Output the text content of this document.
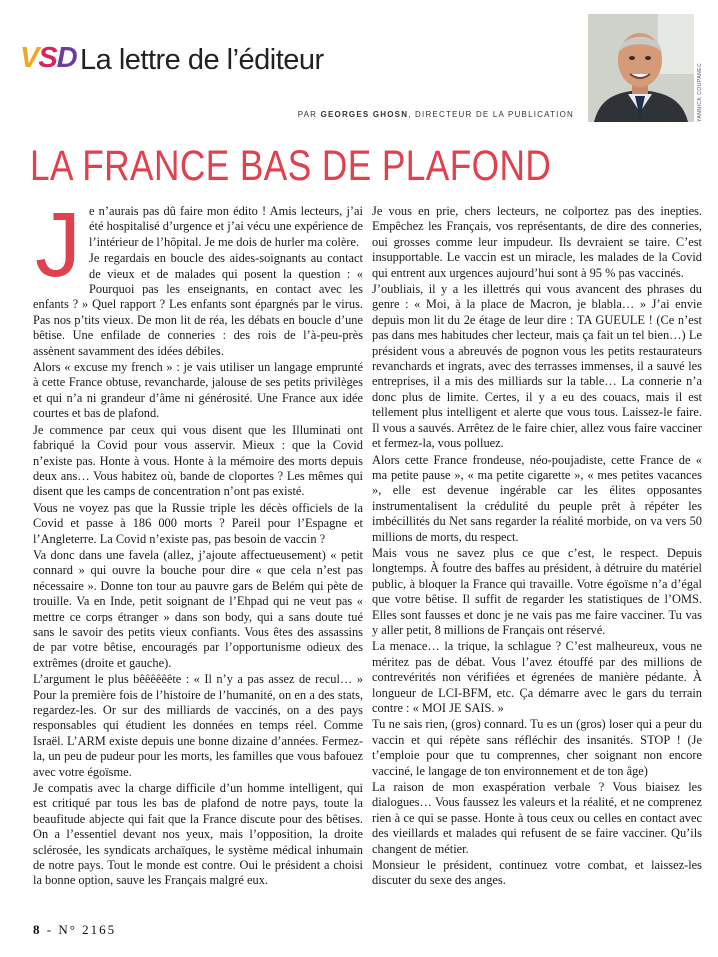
VSD La lettre de l’éditeur
YANNICK COUPANEC
PAR GEORGES GHOSN, DIRECTEUR DE LA PUBLICATION
LA FRANCE BAS DE PLAFOND
J e n’aurais pas dû faire mon édito ! Amis lecteurs, j’ai été hospitalisé d’urgence et j’ai vécu une expérience de l’intérieur de l’hôpital. Je me dois de hurler ma colère.

Je regardais en boucle des aides-soignants au contact de vieux et de malades qui posent la question : « Pourquoi pas les enseignants, en contact avec les enfants ? » Quel rapport ? Les enfants sont épargnés par le virus. Pas nos p’tits vieux. De mon lit de réa, les débats en boucle d’une bêtise. Une enfilade de conneries : des rois de l’à-peu-près assènent savamment des idées débiles.

Alors « excuse my french » : je vais utiliser un langage emprunté à cette France obtuse, revancharde, jalouse de ses petits privilèges et qui n’a ni grandeur d’âme ni générosité. Une France aux idée courtes et bas de plafond.

Je commence par ceux qui vous disent que les Illuminati ont fabriqué la Covid pour vous asservir. Mieux : que la Covid n’existe pas. Honte à vous. Honte à la mémoire des morts depuis deux ans… Vous habitez où, bande de cloportes ? Les mêmes qui disent que les camps de concentration n’ont pas existé.

Vous ne voyez pas que la Russie triple les décès officiels de la Covid et passe à 186 000 morts ? Pareil pour l’Espagne et l’Angleterre. La Covid n’existe pas, pas besoin de vaccin ?

Va donc dans une favela (allez, j’ajoute affectueusement) « petit connard » qui ouvre la bouche pour dire « que cela n’est pas nécessaire ». Donne ton tour au pauvre gars de Belém qui pète de trouille. Va en Inde, petit soignant de l’Ehpad qui ne veut pas « mettre ce corps étranger » dans son body, qui a sans doute tué sans le savoir des petits vieux confiants. Vous êtes des assassins de par votre bêtise, encouragés par l’opportunisme odieux des extrêmes (droite et gauche).

L’argument le plus bêêêêêête : « Il n’y a pas assez de recul… » Pour la première fois de l’histoire de l’humanité, on en a des stats, regardez-les. Or sur des milliards de vaccinés, on a des pays responsables qui étudient les données en temps réel. Comme Israël. L’ARM existe depuis une bonne dizaine d’années. Fermez-la, un peu de pudeur pour les morts, les familles que vous bafouez avec votre égoïsme.

Je compatis avec la charge difficile d’un homme intelligent, qui est critiqué par tous les bas de plafond de notre pays, toute la beaufitude abjecte qui fait que la France discute pour des bêtises. On a l’essentiel devant nos yeux, mais l’opposition, la droite sclérosée, les syndicats archaïques, le système médical inhumain de notre pays. Tout le monde est contre. Oui le président a choisi la bonne option, sauve les Français malgré eux.

Je vous en prie, chers lecteurs, ne colportez pas des inepties. Empêchez les Français, vos représentants, de dire des conneries, oui grosses comme leur impudeur. Ils devraient se taire. C’est insupportable. Le vaccin est un miracle, les malades de la Covid qui entrent aux urgences aujourd’hui sont à 95 % pas vaccinés.

J’oubliais, il y a les illettrés qui vous avancent des phrases du genre : « Moi, à la place de Macron, je blabla… » J’ai envie depuis mon lit du 2e étage de leur dire : TA GUEULE ! (Ce n’est pas dans mes habitudes cher lecteur, mais ça fait un tel bien…) Le président vous a abreuvés de pognon vous les petits restaurateurs revanchards et ingrats, avec des terrasses immenses, il a sauvé les entreprises, il a mis des milliards sur la table… La connerie n’a donc plus de limite. Certes, il y a eu des couacs, mais il est tellement plus intelligent et alerte que vous tous. Laissez-le faire. Il vous a sauvés. Arrêtez de le faire chier, allez vous faire vacciner et fermez-la, vous polluez.

Alors cette France frondeuse, néo-poujadiste, cette France de « ma petite pause », « ma petite cigarette », « mes petites vacances », elle est devenue ingérable car les élites opposantes instrumentalisent la crédulité du peuple prêt à répéter les imbécillités du Net sans regarder la réalité morbide, on va vers 50 millions de morts, du respect.

Mais vous ne savez plus ce que c’est, le respect. Depuis longtemps. À foutre des baffes au président, à détruire du matériel public, à bloquer la France qui travaille. Votre égoïsme n’a d’égal que votre bêtise. Il suffit de regarder les statistiques de l’OMS. Elles sont fausses et donc je ne vais pas me faire vacciner. Tu vas y aller petit, 8 millions de Français ont réservé.

La menace… la trique, la schlague ? C’est malheureux, vous ne méritez pas de débat. Vous l’avez étouffé par des millions de contrevérités non vérifiées et égrenées de manière pédante. À longueur de LCI-BFM, etc. Ça démarre avec le gars du terrain contre : « MOI JE SAIS. »

Tu ne sais rien, (gros) connard. Tu es un (gros) loser qui a peur du vaccin et qui répète sans réfléchir des insanités. STOP ! (Je t’emploie pour que tu comprennes, cher soignant non encore vacciné, le langage de ton environnement et de ton âge)

La raison de mon exaspération verbale ? Vous biaisez les dialogues… Vous faussez les valeurs et la réalité, et ne comprenez rien à ce qui se passe. Honte à tous ceux ou celles en contact avec des vieillards et malades qui refusent de se faire vacciner. Qu’ils changent de métier.

Monsieur le président, continuez votre combat, et laissez-les discuter du sexe des anges.

8 - N° 2165
